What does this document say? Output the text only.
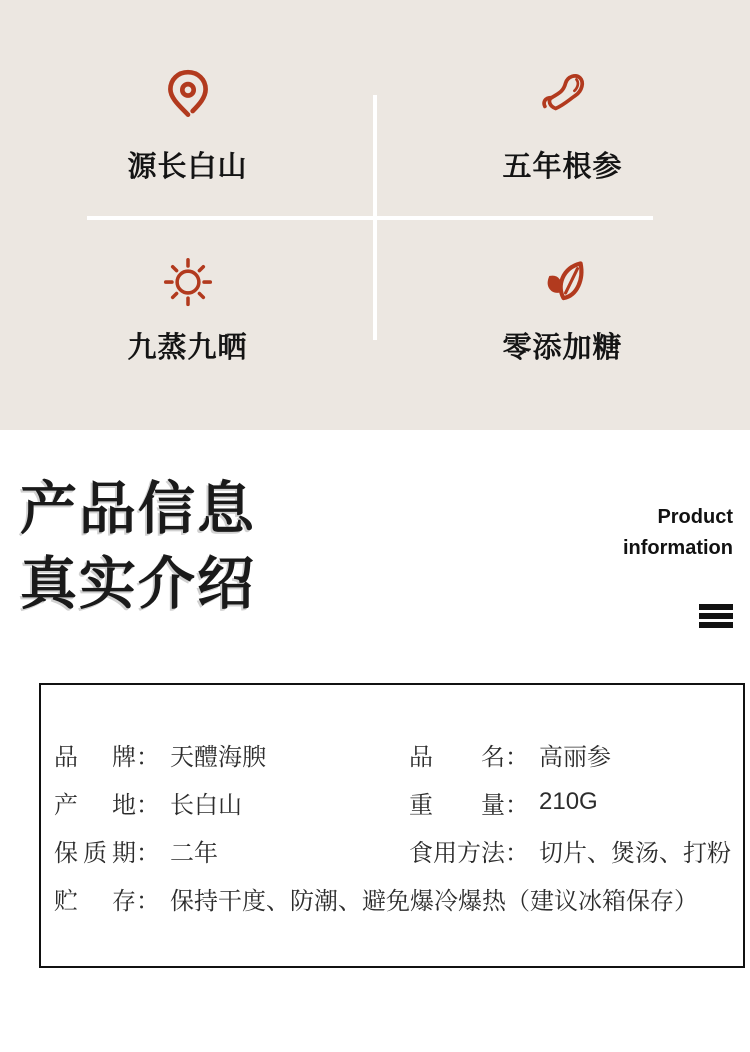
源长白山	五年根参
九蒸九晒	零添加糖
产品信息
真实介绍
Product
information
品牌 ： 天醴海腴	品名 ： 高丽参
产地 ： 长白山	重量 ： 210G
保质期 ： 二年	食用方法 ： 切片、煲汤、打粉
贮存 ： 保持干度、防潮、避免爆冷爆热（建议冰箱保存）
